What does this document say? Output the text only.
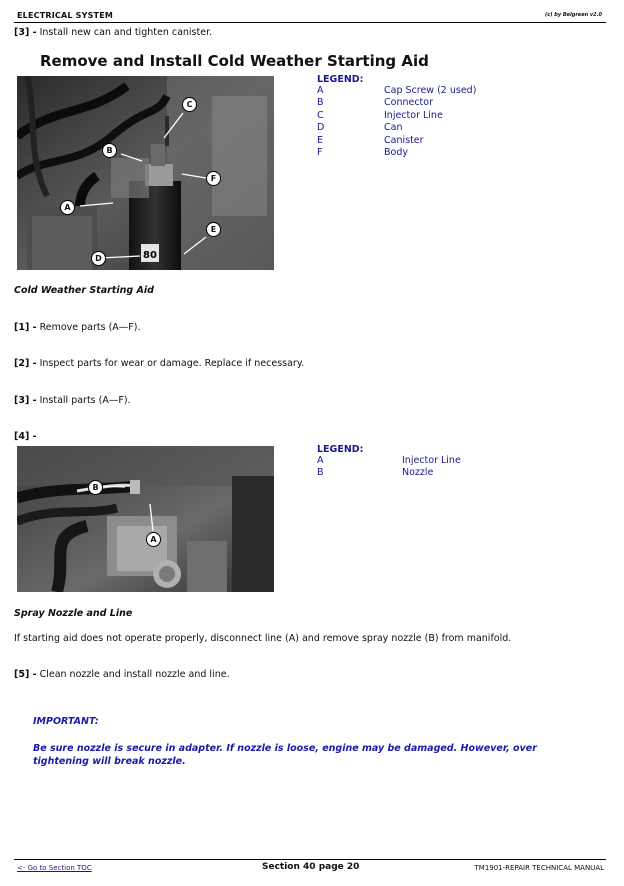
ELECTRICAL SYSTEM	(c) by Belgreen v2.0
[3] - Install new can and tighten canister.
Remove and Install Cold Weather Starting Aid
80
B
A
D
C
F
E
LEGEND:
A	Cap Screw (2 used)
B	Connector
C	Injector Line
D	Can
E	Canister
F	Body
Cold Weather Starting Aid
[1] - Remove parts (A—F).
[2] - Inspect parts for wear or damage. Replace if necessary.
[3] - Install parts (A—F).
[4] -
B
A
LEGEND:
A	Injector Line
B	Nozzle
Spray Nozzle and Line
If starting aid does not operate properly, disconnect line (A) and remove spray nozzle (B) from manifold.
[5] - Clean nozzle and install nozzle and line.
IMPORTANT:
Be sure nozzle is secure in adapter. If nozzle is loose, engine may be damaged. However, over tightening will break nozzle.
<- Go to Section TOC	Section 40 page 20	TM1901-REPAIR TECHNICAL MANUAL
